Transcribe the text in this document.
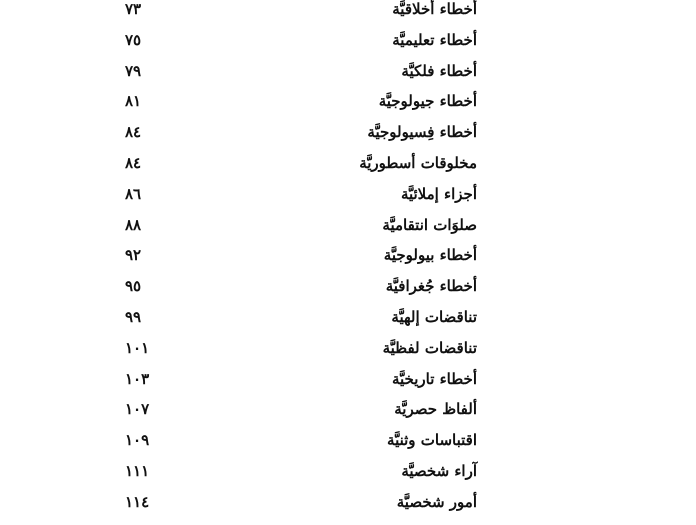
أخطاء أخلاقيَّة
٧٣
أخطاء تعليميَّة
٧٥
أخطاء فلكيَّة
٧٩
أخطاء جيولوجيَّة
٨١
أخطاء فِسيولوجيَّة
٨٤
مخلوقات أسطوريَّة
٨٤
أجزاء إملائيَّة
٨٦
صلوَات انتقاميَّة
٨٨
أخطاء بيولوجيَّة
٩٢
أخطاء جُغرافيَّة
٩٥
تناقضات إلهيَّة
٩٩
تناقضات لفظيَّة
١٠١
أخطاء تاريخيَّة
١٠٣
ألفاظ حصريَّة
١٠٧
اقتباسات وثنيَّة
١٠٩
آراء شخصيَّة
١١١
أمور شخصيَّة
١١٤
